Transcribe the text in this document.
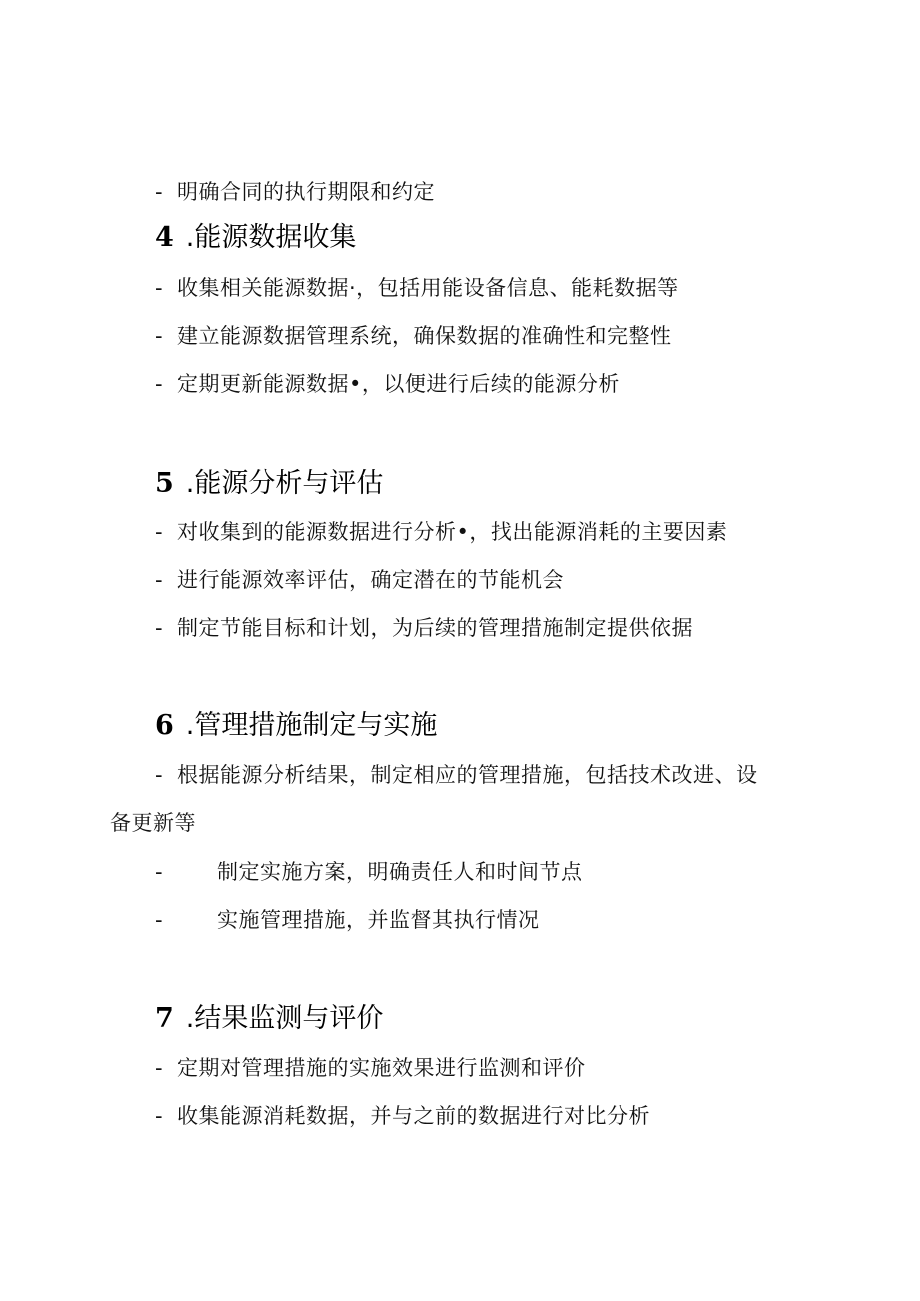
- 明确合同的执行期限和约定
4 .能源数据收集
- 收集相关能源数据·，包括用能设备信息、能耗数据等
- 建立能源数据管理系统，确保数据的准确性和完整性
- 定期更新能源数据•，以便进行后续的能源分析
5 .能源分析与评估
- 对收集到的能源数据进行分析•，找出能源消耗的主要因素
- 进行能源效率评估，确定潜在的节能机会
- 制定节能目标和计划，为后续的管理措施制定提供依据
6 .管理措施制定与实施
- 根据能源分析结果，制定相应的管理措施，包括技术改进、设
备更新等
-	制定实施方案，明确责任人和时间节点
-	实施管理措施，并监督其执行情况
7 .结果监测与评价
- 定期对管理措施的实施效果进行监测和评价
- 收集能源消耗数据，并与之前的数据进行对比分析
